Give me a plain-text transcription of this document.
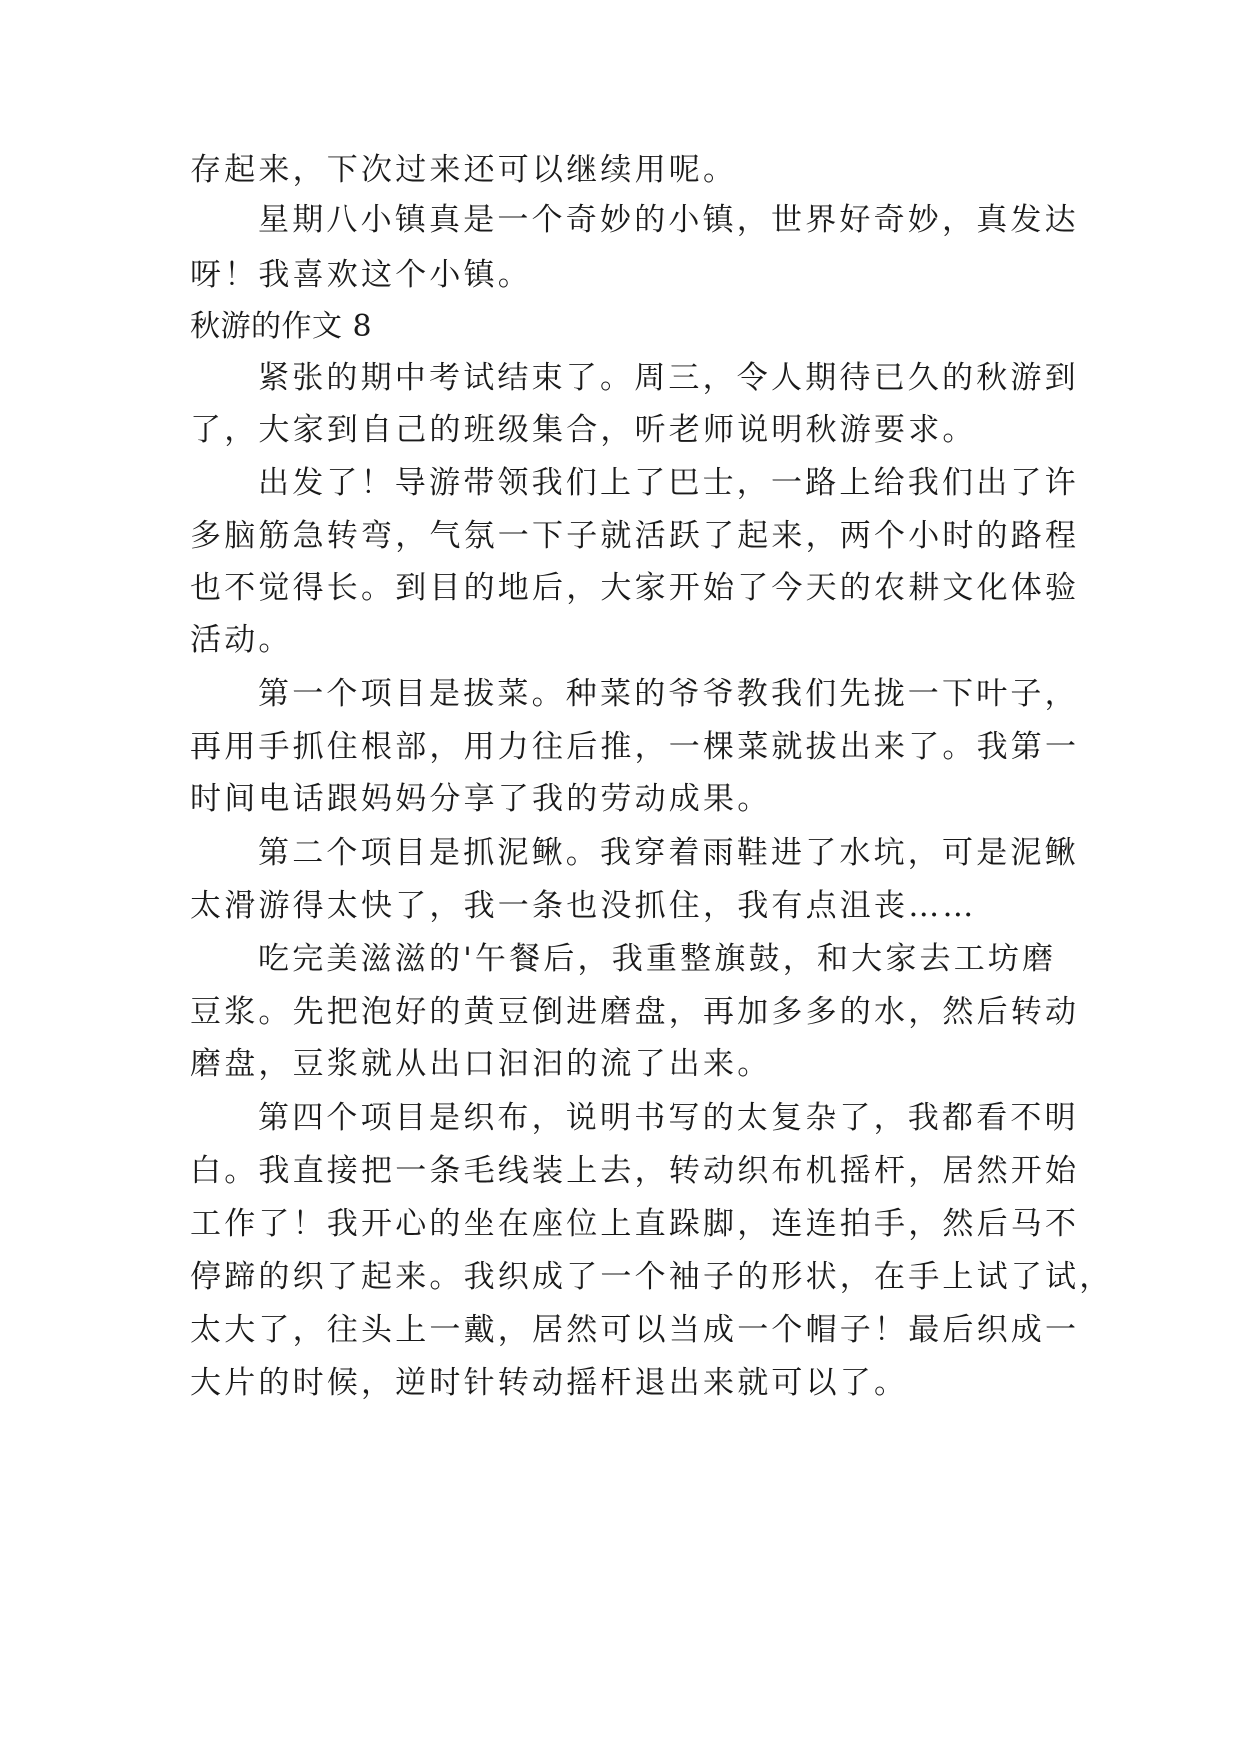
存起来，下次过来还可以继续用呢。
星期八小镇真是一个奇妙的小镇，世界好奇妙，真发达
呀！我喜欢这个小镇。
秋游的作文 8
紧张的期中考试结束了。周三，令人期待已久的秋游到
了，大家到自己的班级集合，听老师说明秋游要求。
出发了！导游带领我们上了巴士，一路上给我们出了许
多脑筋急转弯，气氛一下子就活跃了起来，两个小时的路程
也不觉得长。到目的地后，大家开始了今天的农耕文化体验
活动。
第一个项目是拔菜。种菜的爷爷教我们先拢一下叶子，
再用手抓住根部，用力往后推，一棵菜就拔出来了。我第一
时间电话跟妈妈分享了我的劳动成果。
第二个项目是抓泥鳅。我穿着雨鞋进了水坑，可是泥鳅
太滑游得太快了，我一条也没抓住，我有点沮丧……
吃完美滋滋的'午餐后，我重整旗鼓，和大家去工坊磨
豆浆。先把泡好的黄豆倒进磨盘，再加多多的水，然后转动
磨盘，豆浆就从出口汩汩的流了出来。
第四个项目是织布，说明书写的太复杂了，我都看不明
白。我直接把一条毛线装上去，转动织布机摇杆，居然开始
工作了！我开心的坐在座位上直跺脚，连连拍手，然后马不
停蹄的织了起来。我织成了一个袖子的形状，在手上试了试，
太大了，往头上一戴，居然可以当成一个帽子！最后织成一
大片的时候，逆时针转动摇杆退出来就可以了。
